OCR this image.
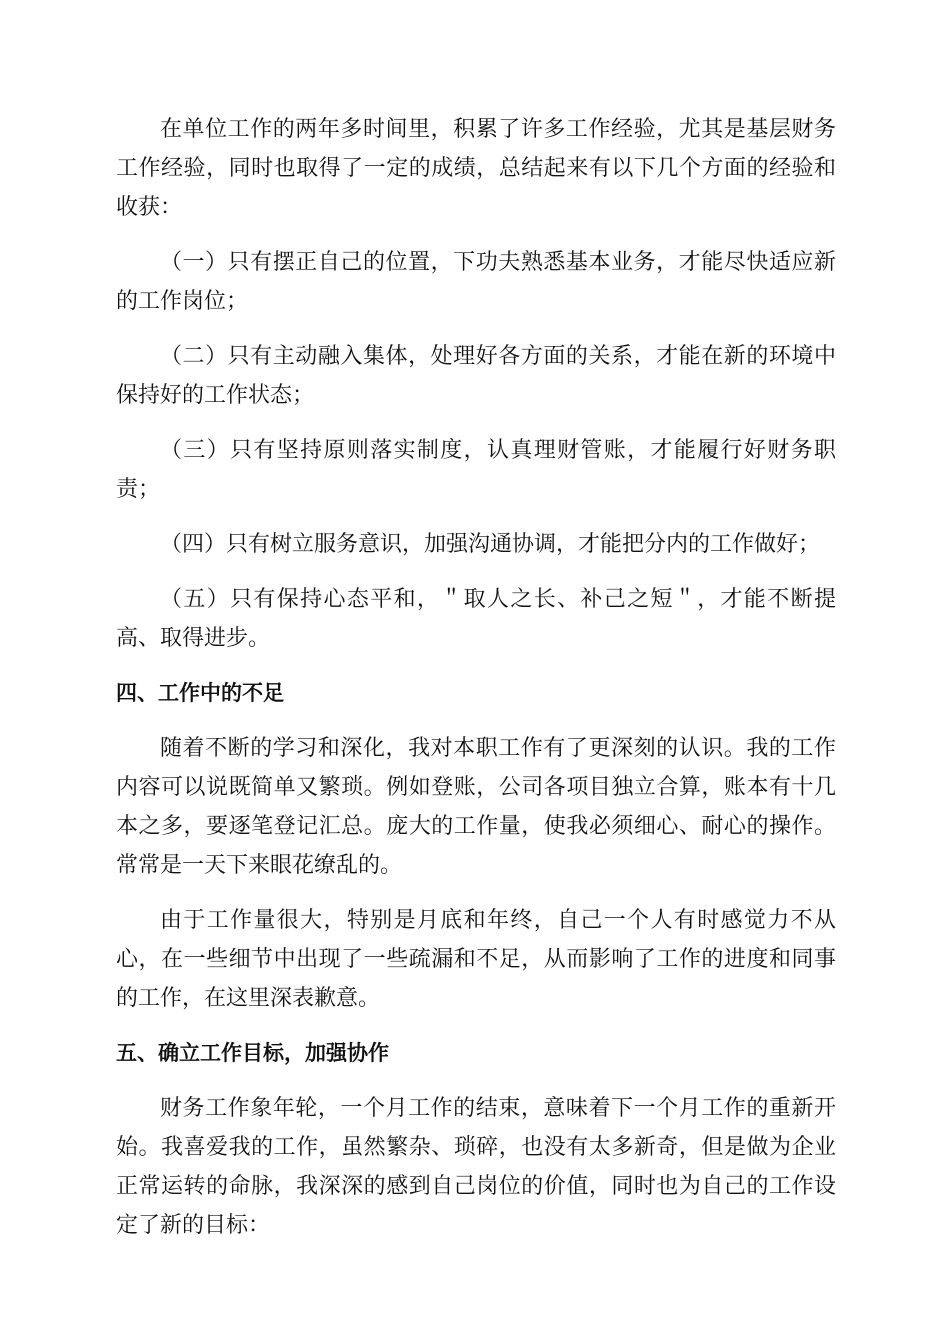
在单位工作的两年多时间里，积累了许多工作经验，尤其是基层财务工作经验，同时也取得了一定的成绩，总结起来有以下几个方面的经验和收获：

（一）只有摆正自己的位置，下功夫熟悉基本业务，才能尽快适应新的工作岗位；

（二）只有主动融入集体，处理好各方面的关系，才能在新的环境中保持好的工作状态；

（三）只有坚持原则落实制度，认真理财管账，才能履行好财务职责；

（四）只有树立服务意识，加强沟通协调，才能把分内的工作做好；

（五）只有保持心态平和，＂取人之长、补己之短＂，才能不断提高、取得进步。

四、工作中的不足

随着不断的学习和深化，我对本职工作有了更深刻的认识。我的工作内容可以说既简单又繁琐。例如登账，公司各项目独立合算，账本有十几本之多，要逐笔登记汇总。庞大的工作量，使我必须细心、耐心的操作。常常是一天下来眼花缭乱的。

由于工作量很大，特别是月底和年终，自己一个人有时感觉力不从心，在一些细节中出现了一些疏漏和不足，从而影响了工作的进度和同事的工作，在这里深表歉意。

五、确立工作目标，加强协作

财务工作象年轮，一个月工作的结束，意味着下一个月工作的重新开始。我喜爱我的工作，虽然繁杂、琐碎，也没有太多新奇，但是做为企业正常运转的命脉，我深深的感到自己岗位的价值，同时也为自己的工作设定了新的目标：
